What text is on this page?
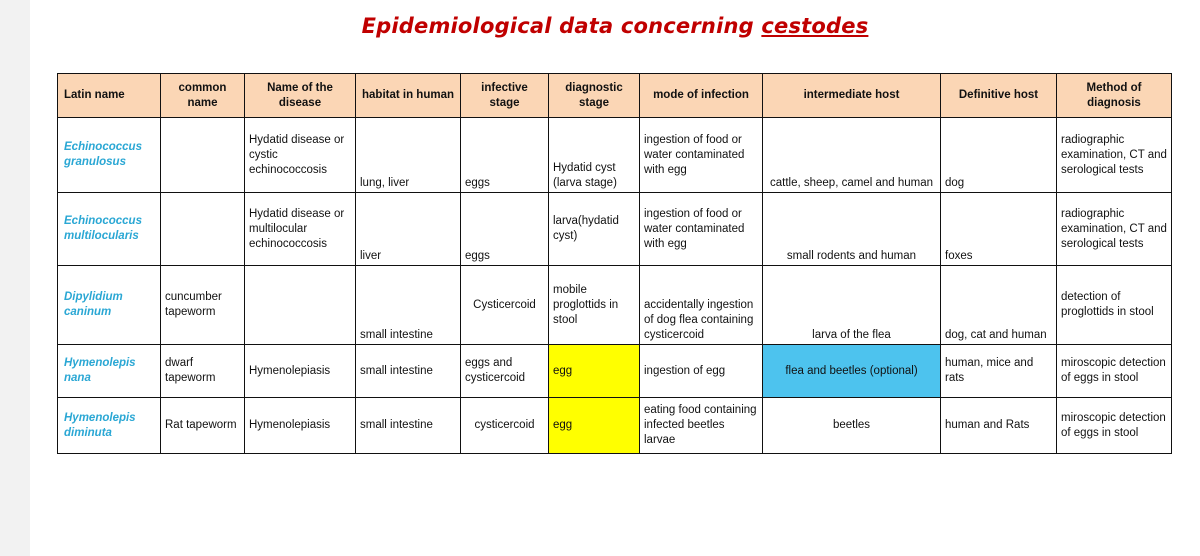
Epidemiological data concerning cestodes
Latin name	common name	Name of the disease	habitat in human	infective stage	diagnostic stage	mode of infection	intermediate host	Definitive host	Method of diagnosis
Echinococcus granulosus		Hydatid disease or cystic echinococcosis	lung, liver	eggs	Hydatid cyst (larva stage)	ingestion of food or water contaminated with egg	cattle, sheep, camel and human	dog	radiographic examination, CT and serological tests
Echinococcus multilocularis		Hydatid disease or multilocular echinococcosis	liver	eggs	larva(hydatid cyst)	ingestion of food or water contaminated with egg	small rodents and human	foxes	radiographic examination, CT and serological tests
Dipylidium caninum	cuncumber tapeworm		small intestine	Cysticercoid	mobile proglottids in stool	accidentally ingestion of dog flea containing cysticercoid	larva of the flea	dog, cat and human	detection of proglottids in stool
Hymenolepis nana	dwarf tapeworm	Hymenolepiasis	small intestine	eggs and cysticercoid	egg	ingestion of egg	flea and beetles (optional)	human, mice and rats	miroscopic detection of eggs in stool
Hymenolepis diminuta	Rat tapeworm	Hymenolepiasis	small intestine	cysticercoid	egg	eating food containing infected beetles larvae	beetles	human and Rats	miroscopic detection of eggs in stool
